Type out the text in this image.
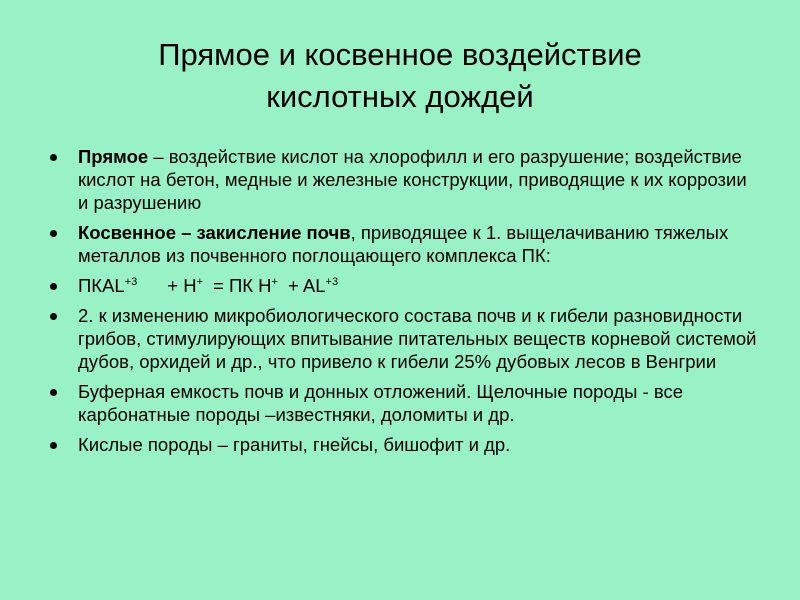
Прямое и косвенное воздействие
кислотных дождей
Прямое – воздействие кислот на хлорофилл и его разрушение; воздействие кислот на бетон, медные и железные конструкции, приводящие к их коррозии и разрушению
Косвенное – закисление почв, приводящее к 1. выщелачиванию тяжелых металлов из почвенного поглощающего комплекса ПК:
$ПКAL^{+3} + H^+$ = ПК $H^+ + AL^{+3}$
2. к изменению микробиологического состава почв и к гибели разновидности грибов, стимулирующих впитывание питательных веществ корневой системой дубов, орхидей и др., что привело к гибели 25% дубовых лесов в Венгрии
Буферная емкость почв и донных отложений. Щелочные породы - все карбонатные породы –известняки, доломиты и др.
Кислые породы – граниты, гнейсы, бишофит и др.
